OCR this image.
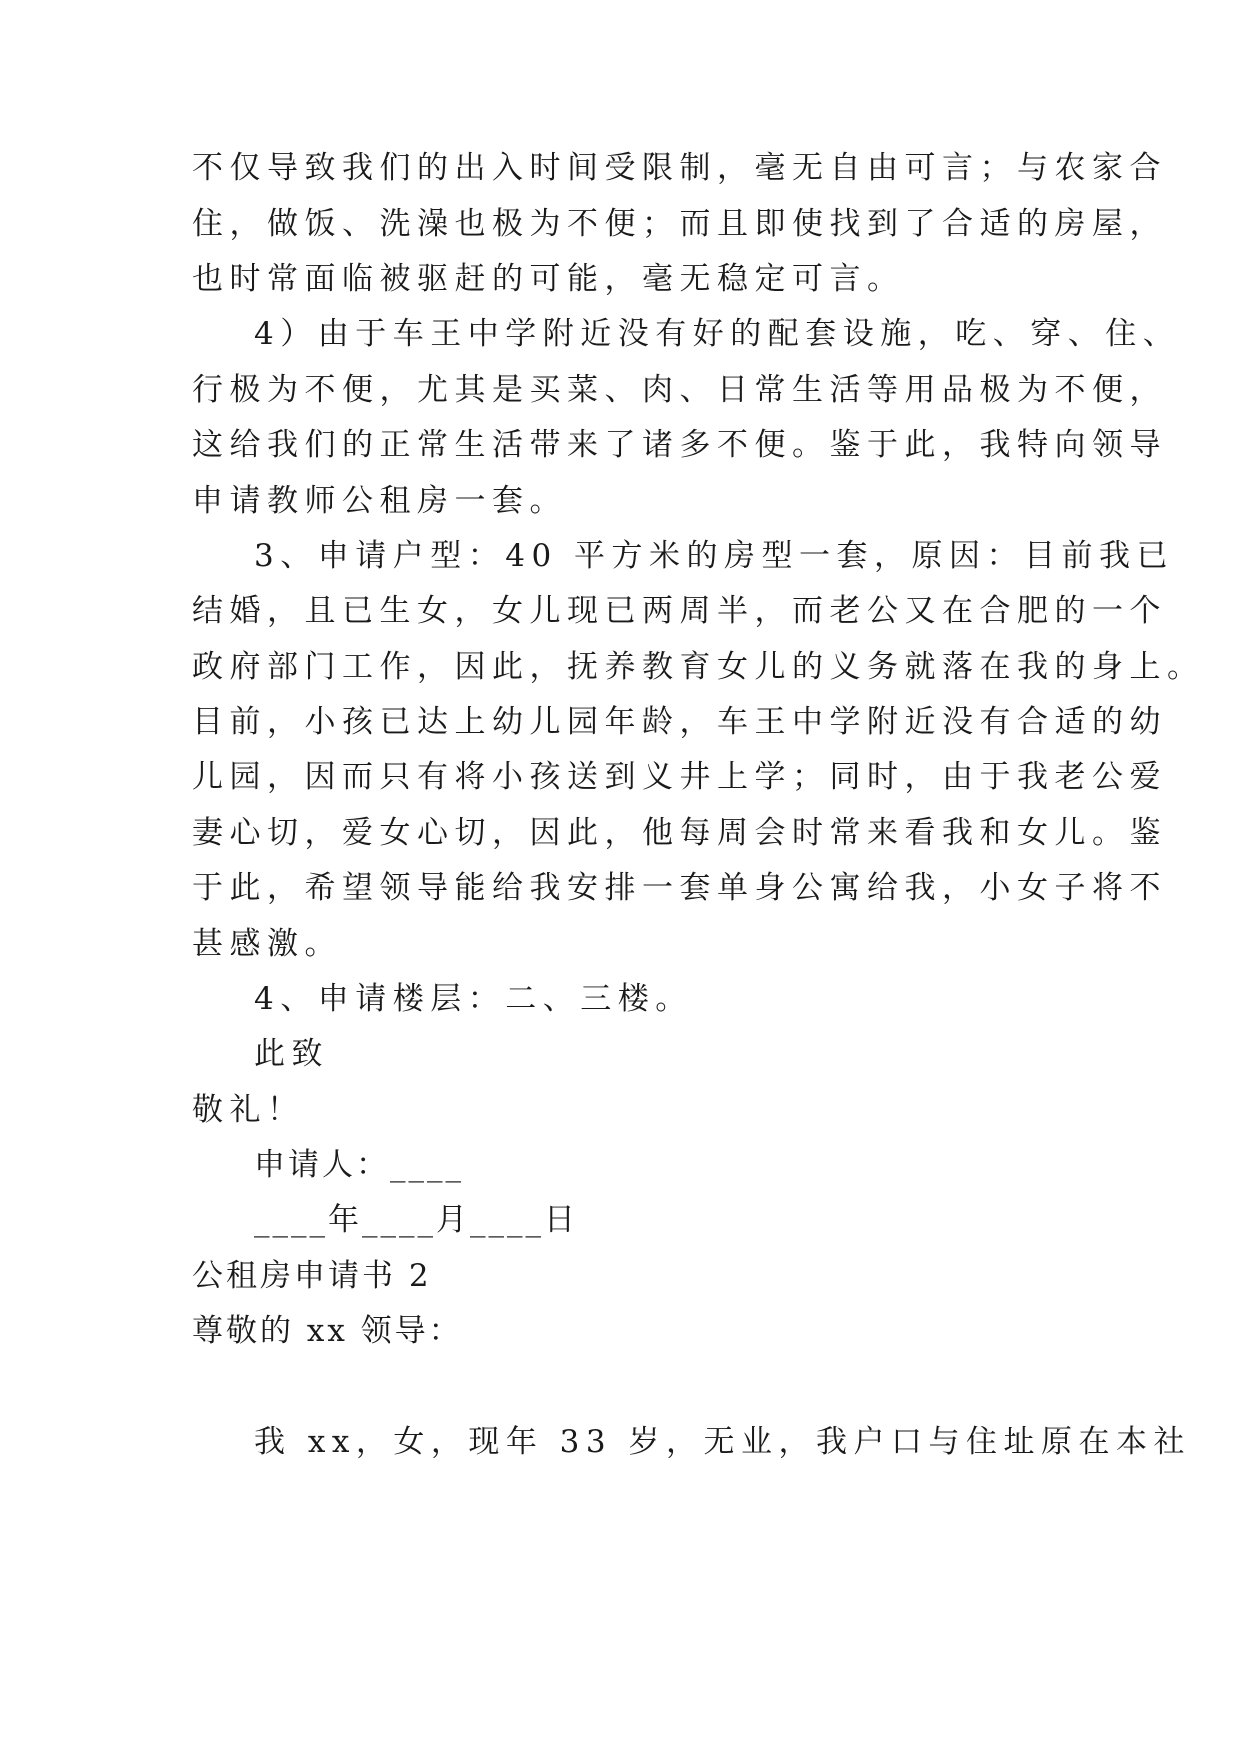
不仅导致我们的出入时间受限制，毫无自由可言；与农家合
住，做饭、洗澡也极为不便；而且即使找到了合适的房屋，
也时常面临被驱赶的可能，毫无稳定可言。
4）由于车王中学附近没有好的配套设施，吃、穿、住、
行极为不便，尤其是买菜、肉、日常生活等用品极为不便，
这给我们的正常生活带来了诸多不便。鉴于此，我特向领导
申请教师公租房一套。
3、申请户型：40 平方米的房型一套，原因：目前我已
结婚，且已生女，女儿现已两周半，而老公又在合肥的一个
政府部门工作，因此，抚养教育女儿的义务就落在我的身上。
目前，小孩已达上幼儿园年龄，车王中学附近没有合适的幼
儿园，因而只有将小孩送到义井上学；同时，由于我老公爱
妻心切，爱女心切，因此，他每周会时常来看我和女儿。鉴
于此，希望领导能给我安排一套单身公寓给我，小女子将不
甚感激。
4、申请楼层：二、三楼。
此致
敬礼！
申请人：____
____年____月____日
公租房申请书 2
尊敬的 xx 领导：
我 xx，女，现年 33 岁，无业，我户口与住址原在本社
